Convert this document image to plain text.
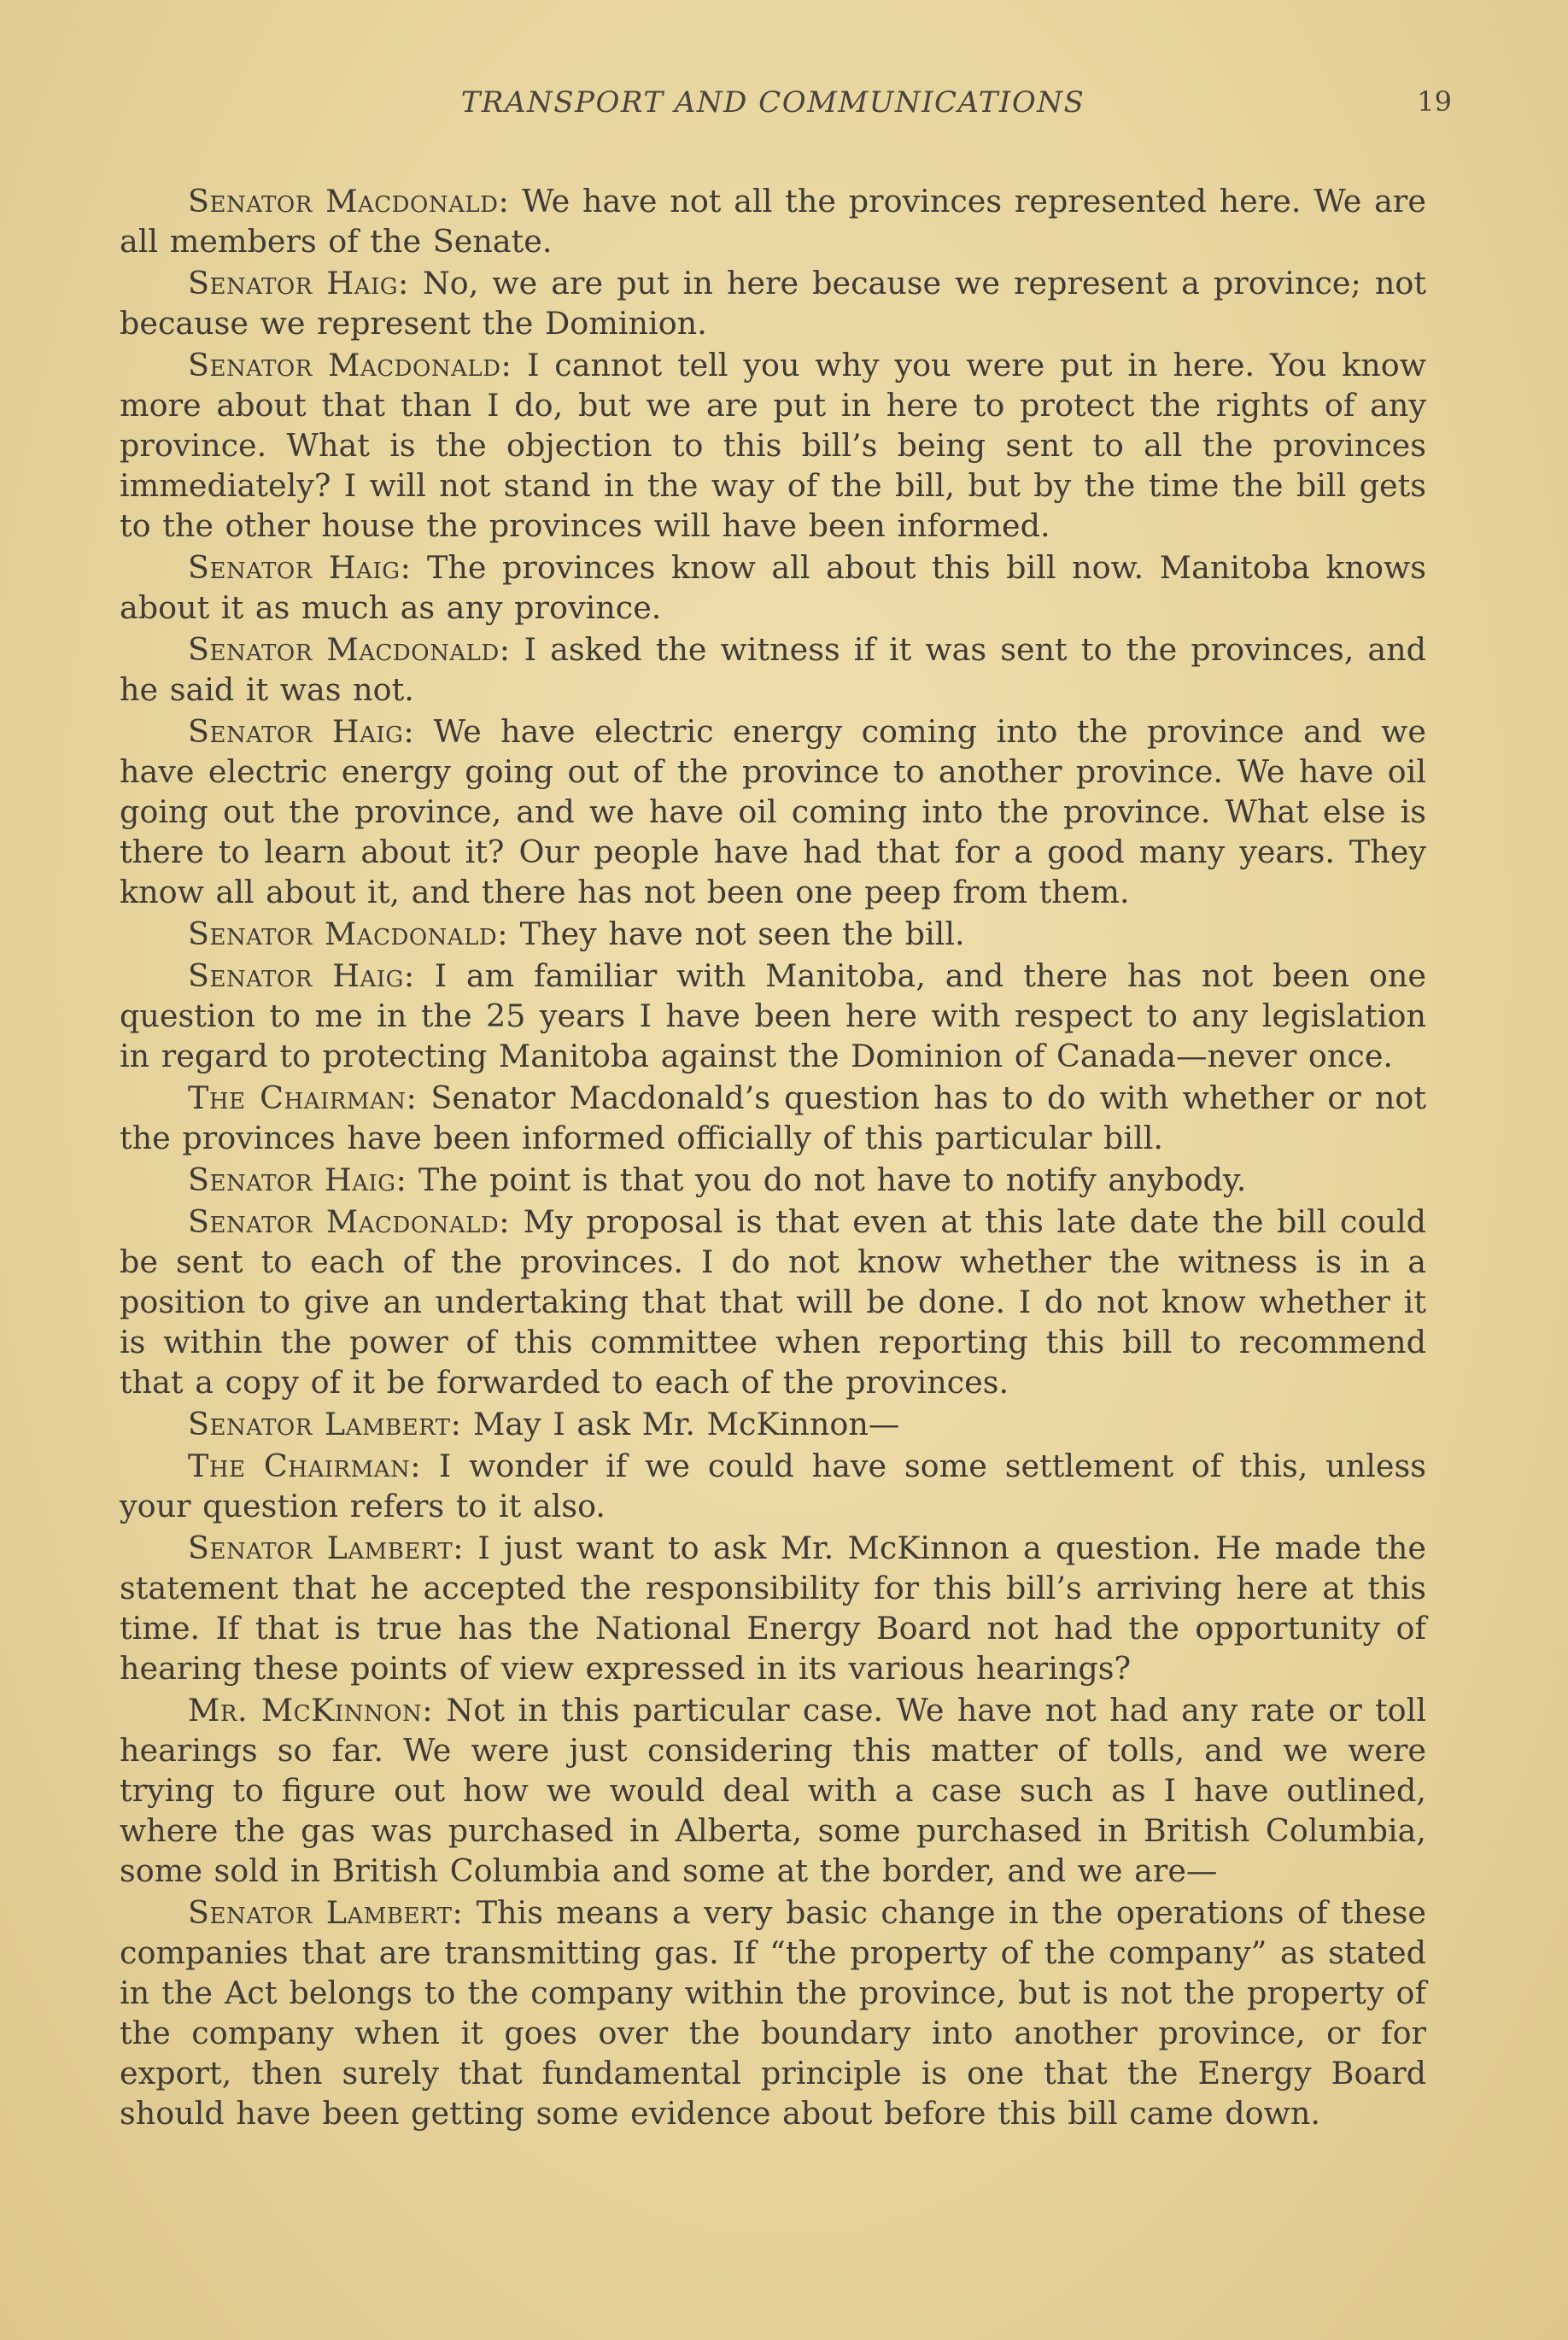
TRANSPORT AND COMMUNICATIONS	19

Senator Macdonald: We have not all the provinces represented here. We are all members of the Senate.

Senator Haig: No, we are put in here because we represent a province; not because we represent the Dominion.

Senator Macdonald: I cannot tell you why you were put in here. You know more about that than I do, but we are put in here to protect the rights of any province. What is the objection to this bill’s being sent to all the provinces immediately? I will not stand in the way of the bill, but by the time the bill gets to the other house the provinces will have been informed.

Senator Haig: The provinces know all about this bill now. Manitoba knows about it as much as any province.

Senator Macdonald: I asked the witness if it was sent to the provinces, and he said it was not.

Senator Haig: We have electric energy coming into the province and we have electric energy going out of the province to another province. We have oil going out the province, and we have oil coming into the province. What else is there to learn about it? Our people have had that for a good many years. They know all about it, and there has not been one peep from them.

Senator Macdonald: They have not seen the bill.

Senator Haig: I am familiar with Manitoba, and there has not been one question to me in the 25 years I have been here with respect to any legislation in regard to protecting Manitoba against the Dominion of Canada—never once.

The Chairman: Senator Macdonald’s question has to do with whether or not the provinces have been informed officially of this particular bill.

Senator Haig: The point is that you do not have to notify anybody.

Senator Macdonald: My proposal is that even at this late date the bill could be sent to each of the provinces. I do not know whether the witness is in a position to give an undertaking that that will be done. I do not know whether it is within the power of this committee when reporting this bill to recommend that a copy of it be forwarded to each of the provinces.

Senator Lambert: May I ask Mr. McKinnon—

The Chairman: I wonder if we could have some settlement of this, unless your question refers to it also.

Senator Lambert: I just want to ask Mr. McKinnon a question. He made the statement that he accepted the responsibility for this bill’s arriving here at this time. If that is true has the National Energy Board not had the opportunity of hearing these points of view expressed in its various hearings?

Mr. McKinnon: Not in this particular case. We have not had any rate or toll hearings so far. We were just considering this matter of tolls, and we were trying to figure out how we would deal with a case such as I have outlined, where the gas was purchased in Alberta, some purchased in British Columbia, some sold in British Columbia and some at the border, and we are—

Senator Lambert: This means a very basic change in the operations of these companies that are transmitting gas. If “the property of the company” as stated in the Act belongs to the company within the province, but is not the property of the company when it goes over the boundary into another province, or for export, then surely that fundamental principle is one that the Energy Board should have been getting some evidence about before this bill came down.
